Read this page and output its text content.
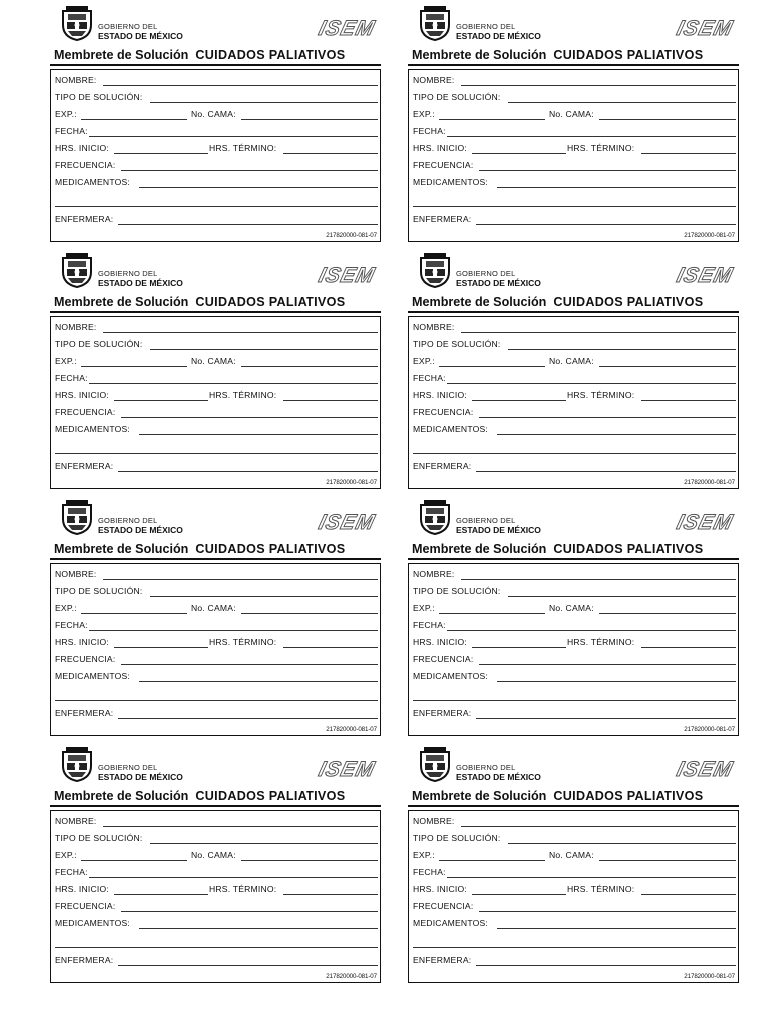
GOBIERNO DEL
ESTADO DE MÉXICO	ISEM
Membrete de Solución CUIDADOS PALIATIVOS
NOMBRE:
TIPO DE SOLUCIÓN:
EXP.:	No. CAMA:
FECHA:
HRS. INICIO:	HRS. TÉRMINO:
FRECUENCIA:
MEDICAMENTOS:
ENFERMERA:
217820000-081-07
GOBIERNO DEL
ESTADO DE MÉXICO	ISEM
Membrete de Solución CUIDADOS PALIATIVOS
NOMBRE:
TIPO DE SOLUCIÓN:
EXP.:	No. CAMA:
FECHA:
HRS. INICIO:	HRS. TÉRMINO:
FRECUENCIA:
MEDICAMENTOS:
ENFERMERA:
217820000-081-07
GOBIERNO DEL
ESTADO DE MÉXICO	ISEM
Membrete de Solución CUIDADOS PALIATIVOS
NOMBRE:
TIPO DE SOLUCIÓN:
EXP.:	No. CAMA:
FECHA:
HRS. INICIO:	HRS. TÉRMINO:
FRECUENCIA:
MEDICAMENTOS:
ENFERMERA:
217820000-081-07
GOBIERNO DEL
ESTADO DE MÉXICO	ISEM
Membrete de Solución CUIDADOS PALIATIVOS
NOMBRE:
TIPO DE SOLUCIÓN:
EXP.:	No. CAMA:
FECHA:
HRS. INICIO:	HRS. TÉRMINO:
FRECUENCIA:
MEDICAMENTOS:
ENFERMERA:
217820000-081-07
GOBIERNO DEL
ESTADO DE MÉXICO	ISEM
Membrete de Solución CUIDADOS PALIATIVOS
NOMBRE:
TIPO DE SOLUCIÓN:
EXP.:	No. CAMA:
FECHA:
HRS. INICIO:	HRS. TÉRMINO:
FRECUENCIA:
MEDICAMENTOS:
ENFERMERA:
217820000-081-07
GOBIERNO DEL
ESTADO DE MÉXICO	ISEM
Membrete de Solución CUIDADOS PALIATIVOS
NOMBRE:
TIPO DE SOLUCIÓN:
EXP.:	No. CAMA:
FECHA:
HRS. INICIO:	HRS. TÉRMINO:
FRECUENCIA:
MEDICAMENTOS:
ENFERMERA:
217820000-081-07
GOBIERNO DEL
ESTADO DE MÉXICO	ISEM
Membrete de Solución CUIDADOS PALIATIVOS
NOMBRE:
TIPO DE SOLUCIÓN:
EXP.:	No. CAMA:
FECHA:
HRS. INICIO:	HRS. TÉRMINO:
FRECUENCIA:
MEDICAMENTOS:
ENFERMERA:
217820000-081-07
GOBIERNO DEL
ESTADO DE MÉXICO	ISEM
Membrete de Solución CUIDADOS PALIATIVOS
NOMBRE:
TIPO DE SOLUCIÓN:
EXP.:	No. CAMA:
FECHA:
HRS. INICIO:	HRS. TÉRMINO:
FRECUENCIA:
MEDICAMENTOS:
ENFERMERA:
217820000-081-07
